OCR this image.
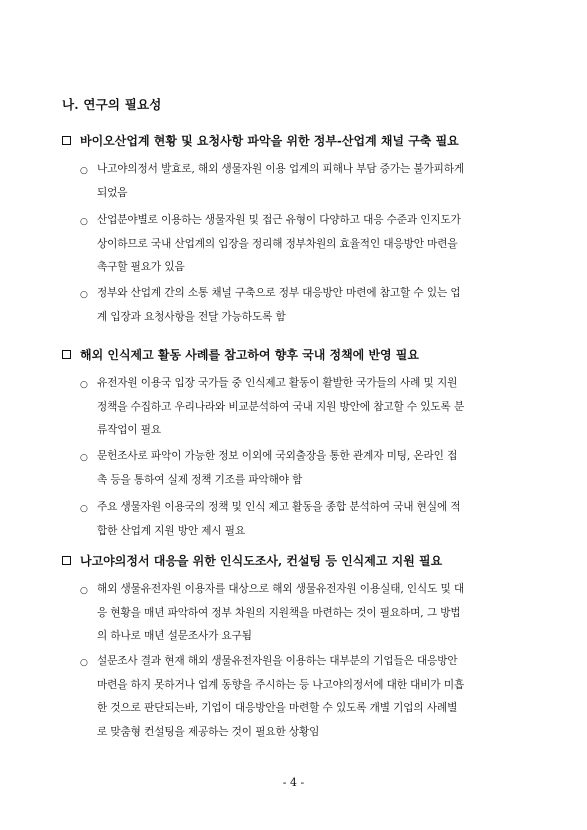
나. 연구의 필요성
바이오산업계 현황 및 요청사항 파악을 위한 정부-산업계 채널 구축 필요
○ 나고야의정서 발효로, 해외 생물자원 이용 업계의 피해나 부담 증가는 불가피하게
되었음
○ 산업분야별로 이용하는 생물자원 및 접근 유형이 다양하고 대응 수준과 인지도가
상이하므로 국내 산업계의 입장을 정리해 정부차원의 효율적인 대응방안 마련을
촉구할 필요가 있음
○ 정부와 산업계 간의 소통 채널 구축으로 정부 대응방안 마련에 참고할 수 있는 업
계 입장과 요청사항을 전달 가능하도록 함
해외 인식제고 활동 사례를 참고하여 향후 국내 정책에 반영 필요
○ 유전자원 이용국 입장 국가들 중 인식제고 활동이 활발한 국가들의 사례 및 지원
정책을 수집하고 우리나라와 비교분석하여 국내 지원 방안에 참고할 수 있도록 분
류작업이 필요
○ 문헌조사로 파악이 가능한 정보 이외에 국외출장을 통한 관계자 미팅, 온라인 접
촉 등을 통하여 실제 정책 기조를 파악해야 함
○ 주요 생물자원 이용국의 정책 및 인식 제고 활동을 종합 분석하여 국내 현실에 적
합한 산업계 지원 방안 제시 필요
나고야의정서 대응을 위한 인식도조사, 컨설팅 등 인식제고 지원 필요
○ 해외 생물유전자원 이용자를 대상으로 해외 생물유전자원 이용실태, 인식도 및 대
응 현황을 매년 파악하여 정부 차원의 지원책을 마련하는 것이 필요하며, 그 방법
의 하나로 매년 설문조사가 요구됨
○ 설문조사 결과 현재 해외 생물유전자원을 이용하는 대부분의 기업들은 대응방안
마련을 하지 못하거나 업계 동향을 주시하는 등 나고야의정서에 대한 대비가 미흡
한 것으로 판단되는바, 기업이 대응방안을 마련할 수 있도록 개별 기업의 사례별
로 맞춤형 컨설팅을 제공하는 것이 필요한 상황임
- 4 -
